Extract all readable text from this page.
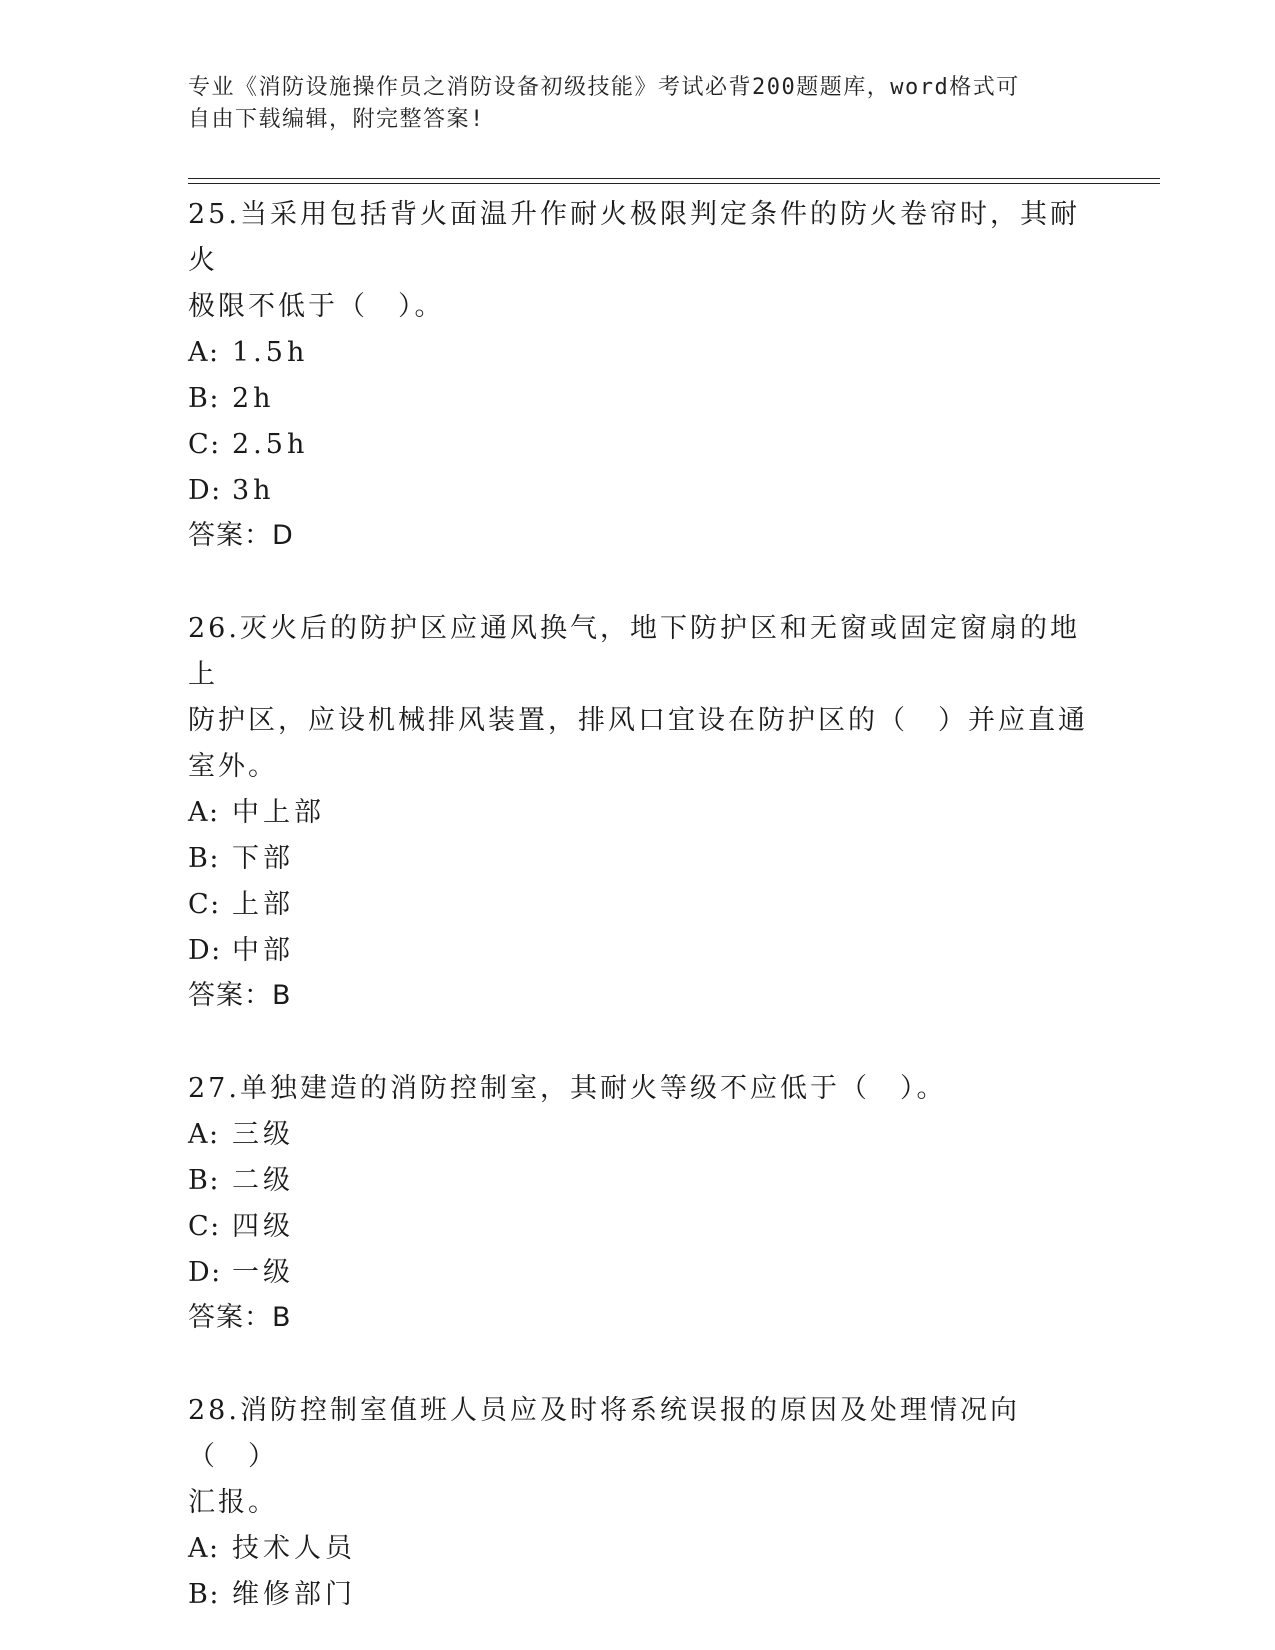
专业《消防设施操作员之消防设备初级技能》考试必背200题题库，word格式可
自由下载编辑，附完整答案!
25.当采用包括背火面温升作耐火极限判定条件的防火卷帘时，其耐火
极限不低于（　）。
A: 1.5h
B: 2h
C: 2.5h
D: 3h
答案：D
26.灭火后的防护区应通风换气，地下防护区和无窗或固定窗扇的地上
防护区，应设机械排风装置，排风口宜设在防护区的（　）并应直通
室外。
A: 中上部
B: 下部
C: 上部
D: 中部
答案：B
27.单独建造的消防控制室，其耐火等级不应低于（　）。
A: 三级
B: 二级
C: 四级
D: 一级
答案：B
28.消防控制室值班人员应及时将系统误报的原因及处理情况向（　）
汇报。
A: 技术人员
B: 维修部门
